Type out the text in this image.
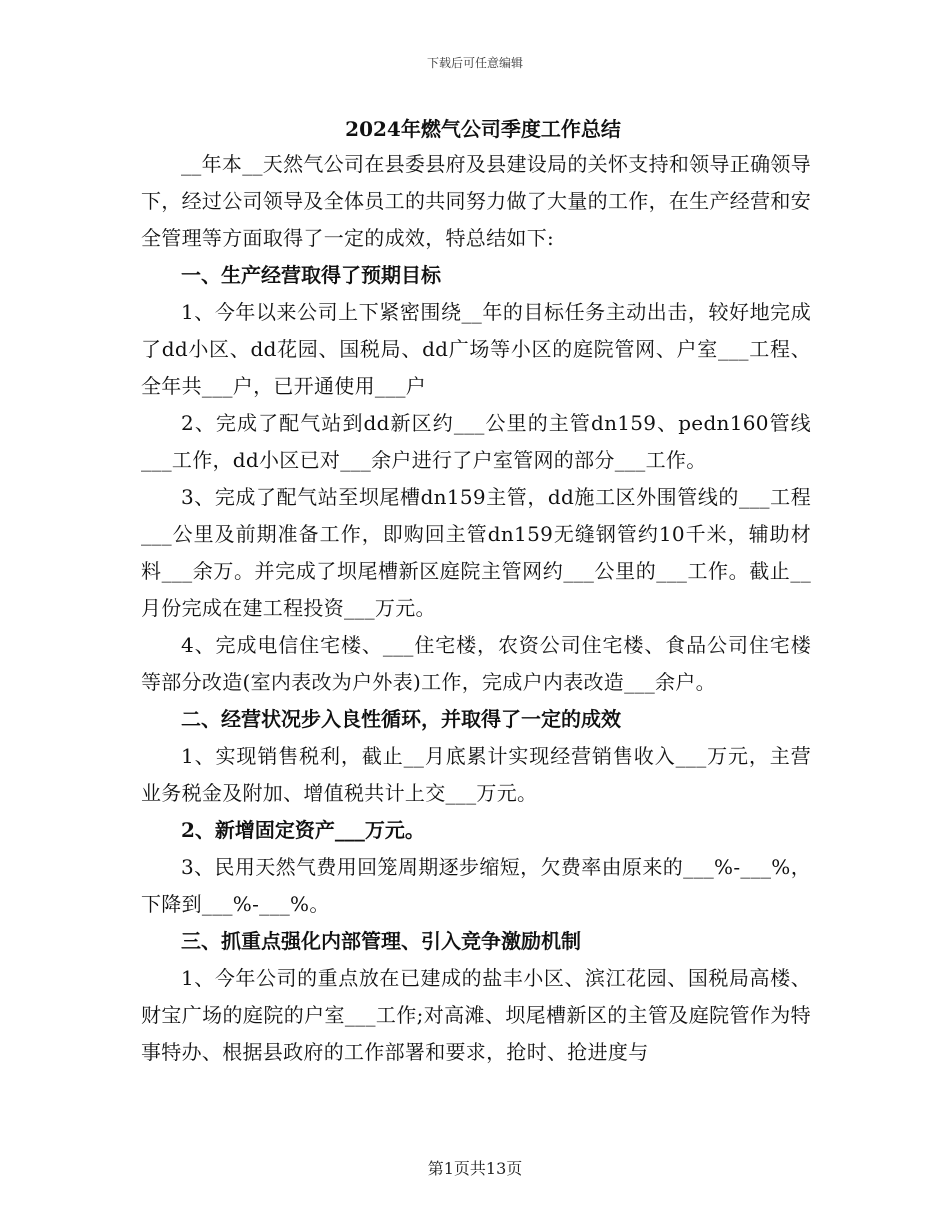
下载后可任意编辑
2024年燃气公司季度工作总结

__年本__天然气公司在县委县府及县建设局的关怀支持和领导正确领导下，经过公司领导及全体员工的共同努力做了大量的工作，在生产经营和安全管理等方面取得了一定的成效，特总结如下:

一、生产经营取得了预期目标

1、今年以来公司上下紧密围绕__年的目标任务主动出击，较好地完成了dd小区、dd花园、国税局、dd广场等小区的庭院管网、户室___工程、全年共___户，已开通使用___户

2、完成了配气站到dd新区约___公里的主管dn159、pedn160管线___工作，dd小区已对___余户进行了户室管网的部分___工作。

3、完成了配气站至坝尾槽dn159主管，dd施工区外围管线的___工程___公里及前期准备工作，即购回主管dn159无缝钢管约10千米，辅助材料___余万。并完成了坝尾槽新区庭院主管网约___公里的___工作。截止__月份完成在建工程投资___万元。

4、完成电信住宅楼、___住宅楼，农资公司住宅楼、食品公司住宅楼等部分改造(室内表改为户外表)工作，完成户内表改造___余户。

二、经营状况步入良性循环，并取得了一定的成效

1、实现销售税利，截止__月底累计实现经营销售收入___万元，主营业务税金及附加、增值税共计上交___万元。

2、新增固定资产___万元。

3、民用天然气费用回笼周期逐步缩短，欠费率由原来的___%-___%，下降到___%-___%。

三、抓重点强化内部管理、引入竞争激励机制

1、今年公司的重点放在已建成的盐丰小区、滨江花园、国税局高楼、财宝广场的庭院的户室___工作;对高滩、坝尾槽新区的主管及庭院管作为特事特办、根据县政府的工作部署和要求，抢时、抢进度与

第1页共13页
